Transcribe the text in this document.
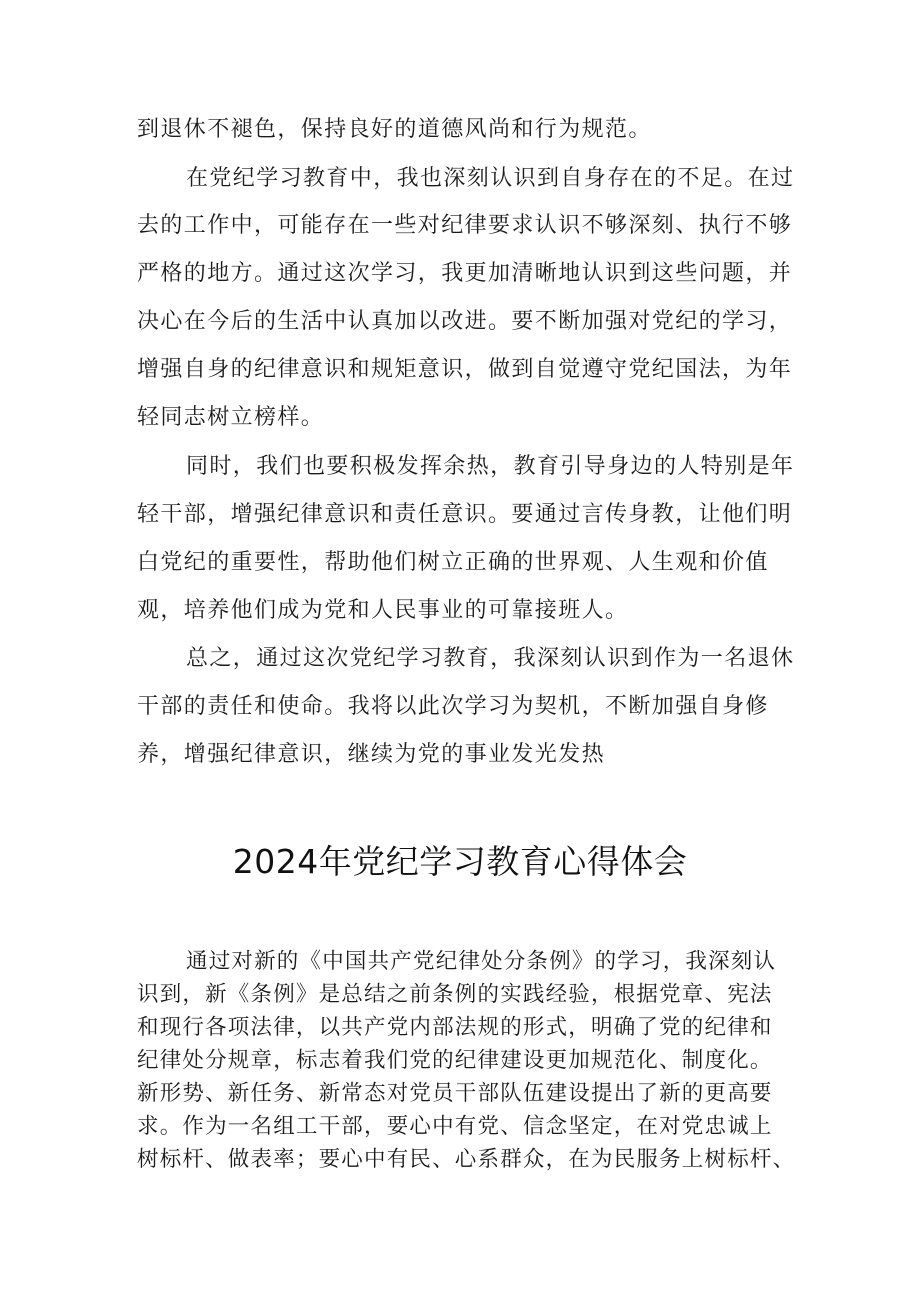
到退休不褪色，保持良好的道德风尚和行为规范。
在党纪学习教育中，我也深刻认识到自身存在的不足。在过
去的工作中，可能存在一些对纪律要求认识不够深刻、执行不够
严格的地方。通过这次学习，我更加清晰地认识到这些问题，并
决心在今后的生活中认真加以改进。要不断加强对党纪的学习，
增强自身的纪律意识和规矩意识，做到自觉遵守党纪国法，为年
轻同志树立榜样。
同时，我们也要积极发挥余热，教育引导身边的人特别是年
轻干部，增强纪律意识和责任意识。要通过言传身教，让他们明
白党纪的重要性，帮助他们树立正确的世界观、人生观和价值
观，培养他们成为党和人民事业的可靠接班人。
总之，通过这次党纪学习教育，我深刻认识到作为一名退休
干部的责任和使命。我将以此次学习为契机，不断加强自身修
养，增强纪律意识，继续为党的事业发光发热
2024年党纪学习教育心得体会
通过对新的《中国共产党纪律处分条例》的学习，我深刻认
识到，新《条例》是总结之前条例的实践经验，根据党章、宪法
和现行各项法律，以共产党内部法规的形式，明确了党的纪律和
纪律处分规章，标志着我们党的纪律建设更加规范化、制度化。
新形势、新任务、新常态对党员干部队伍建设提出了新的更高要
求。作为一名组工干部，要心中有党、信念坚定，在对党忠诚上
树标杆、做表率；要心中有民、心系群众，在为民服务上树标杆、
